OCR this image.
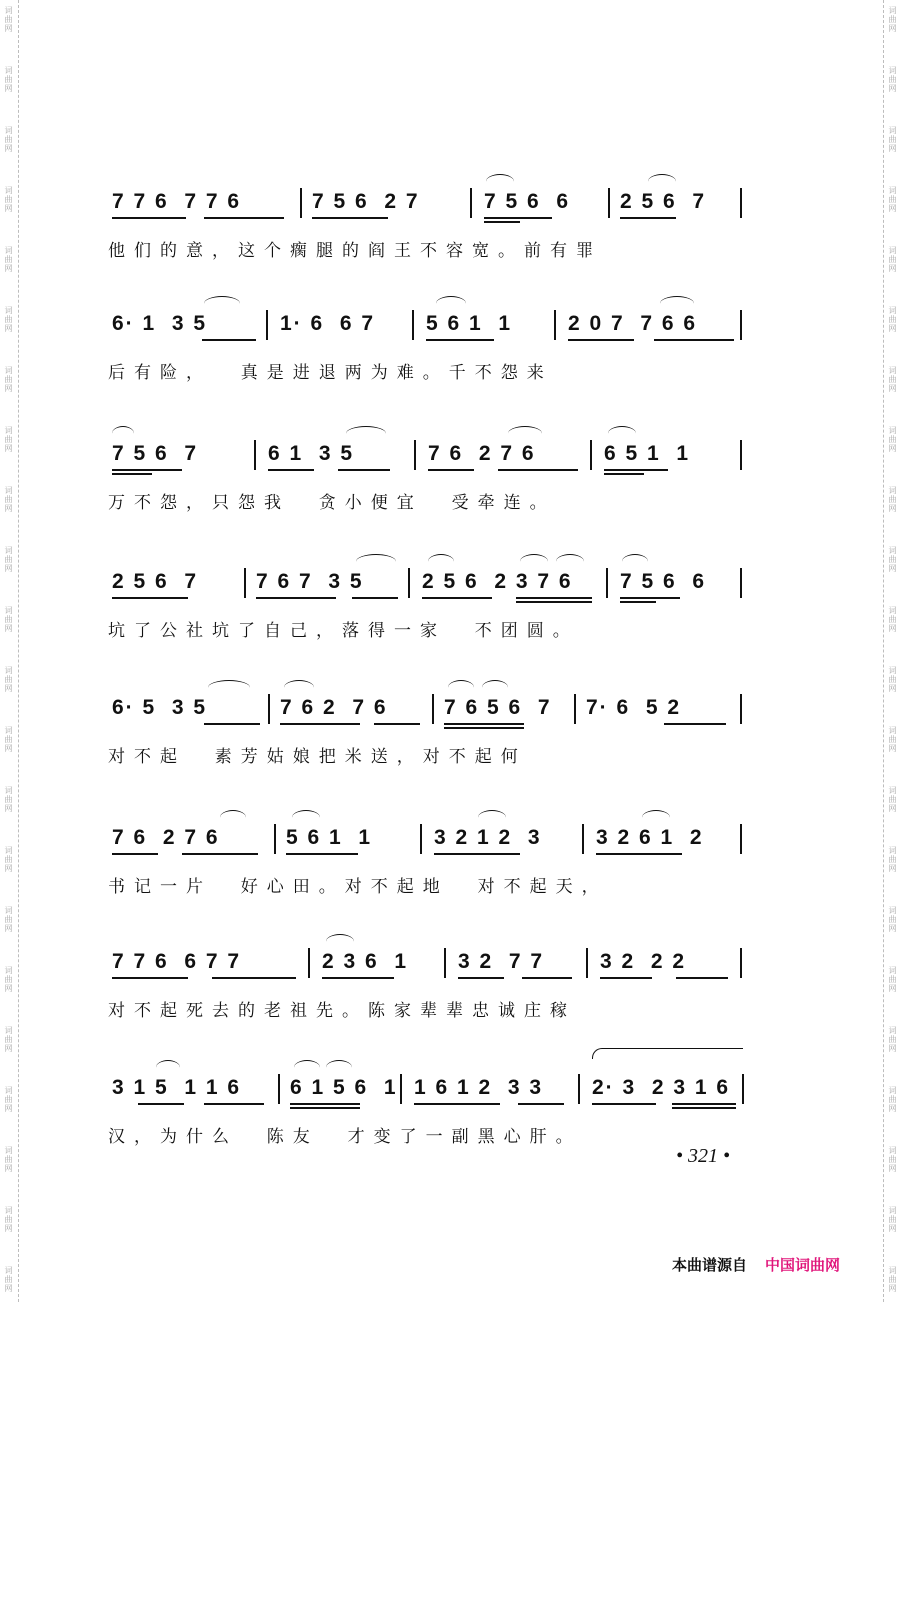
词曲网
词曲网
词曲网
词曲网
词曲网
词曲网
词曲网
词曲网
词曲网
词曲网
词曲网
词曲网
词曲网
词曲网
词曲网
词曲网
词曲网
词曲网
词曲网
词曲网
词曲网
词曲网
词曲网
词曲网
词曲网
词曲网
词曲网
词曲网
词曲网
词曲网
词曲网
词曲网
词曲网
词曲网
词曲网
词曲网
词曲网
词曲网
词曲网
词曲网
词曲网
词曲网
词曲网
词曲网

7 7 6  7 7 6

	7 5 6  2 7

	7 5 6  6

2 5 6  7

他们的意，这个瘸腿的阎王不容宽。前有罪

6· 1  3 5

	1· 6  6 7

5 6 1  1

	2 0 7  7 6 6

后有险，  真是进退两为难。千不怨来

7 5 6  7

	6 1  3 5

	7 6  2 7 6

	6 5 1  1

万不怨，只怨我  贪小便宜  受牵连。

2 5 6  7

	7 6 7  3 5

	2 5 6  2 3 7 6

7 5 6  6

坑了公社坑了自己，落得一家  不团圆。

6· 5  3 5

	7 6 2  7 6

	7 6 5 6  7

7· 6  5 2

对不起  素芳姑娘把米送，对不起何

7 6  2 7 6

	5 6 1  1

	3 2 1 2  3

	3 2 6 1  2

书记一片  好心田。对不起地  对不起天，

7 7 6  6 7 7

	2 3 6  1

3 2  7 7

	3 2  2 2

对不起死去的老祖先。陈家辈辈忠诚庄稼

3 1 5  1 1 6

6 1 5 6  1

1 6 1 2  3 3

2· 3  2 3 1 6

汉，为什么  陈友  才变了一副黑心肝。
• 321 •
本曲谱源自 中国词曲网
